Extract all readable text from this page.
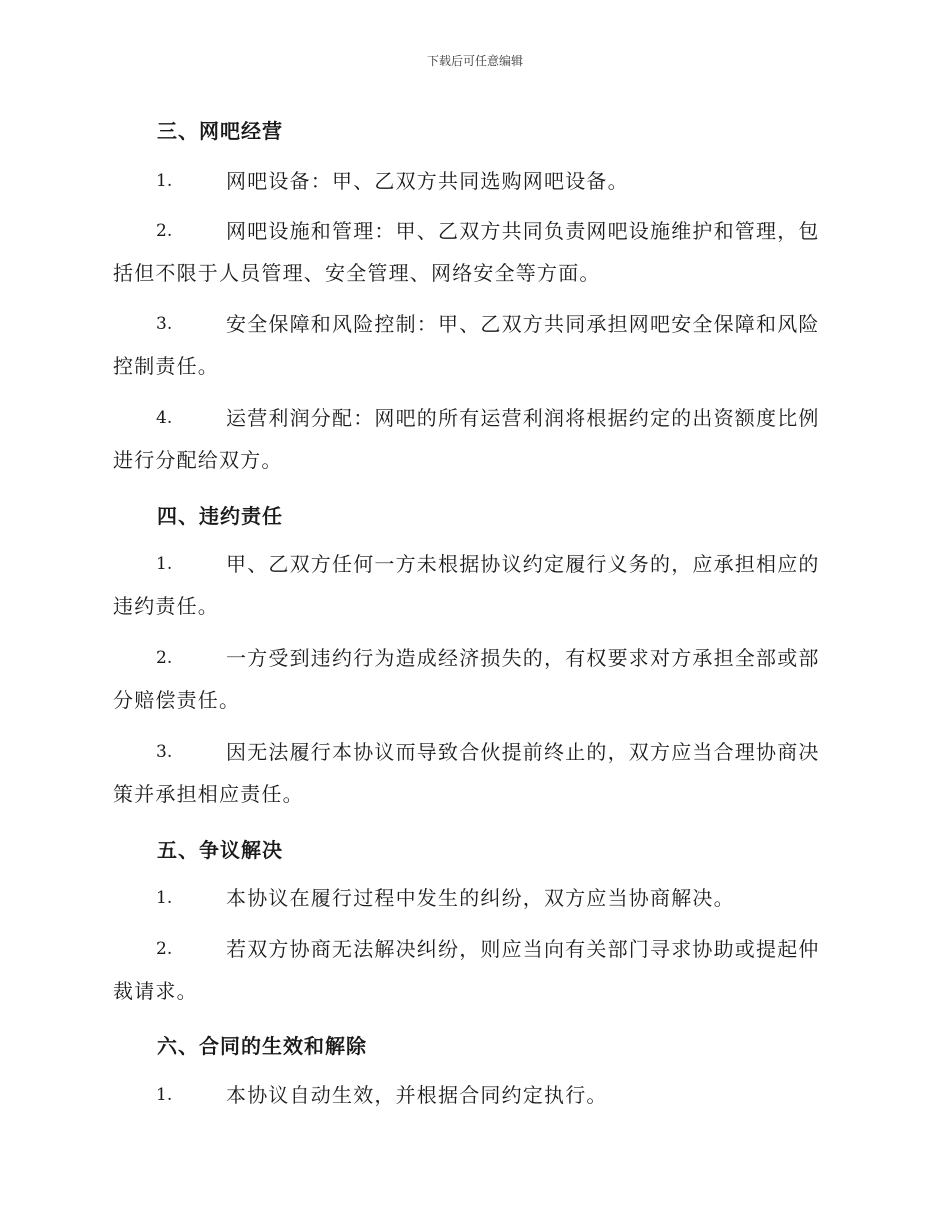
下载后可任意编辑
三、网吧经营
1.	网吧设备：甲、乙双方共同选购网吧设备。
2.	网吧设施和管理：甲、乙双方共同负责网吧设施维护和管理，包括但不限于人员管理、安全管理、网络安全等方面。
3.	安全保障和风险控制：甲、乙双方共同承担网吧安全保障和风险控制责任。
4.	运营利润分配：网吧的所有运营利润将根据约定的出资额度比例进行分配给双方。
四、违约责任
1.	甲、乙双方任何一方未根据协议约定履行义务的，应承担相应的违约责任。
2.	一方受到违约行为造成经济损失的，有权要求对方承担全部或部分赔偿责任。
3.	因无法履行本协议而导致合伙提前终止的，双方应当合理协商决策并承担相应责任。
五、争议解决
1.	本协议在履行过程中发生的纠纷，双方应当协商解决。
2.	若双方协商无法解决纠纷，则应当向有关部门寻求协助或提起仲裁请求。
六、合同的生效和解除
1.	本协议自动生效，并根据合同约定执行。
